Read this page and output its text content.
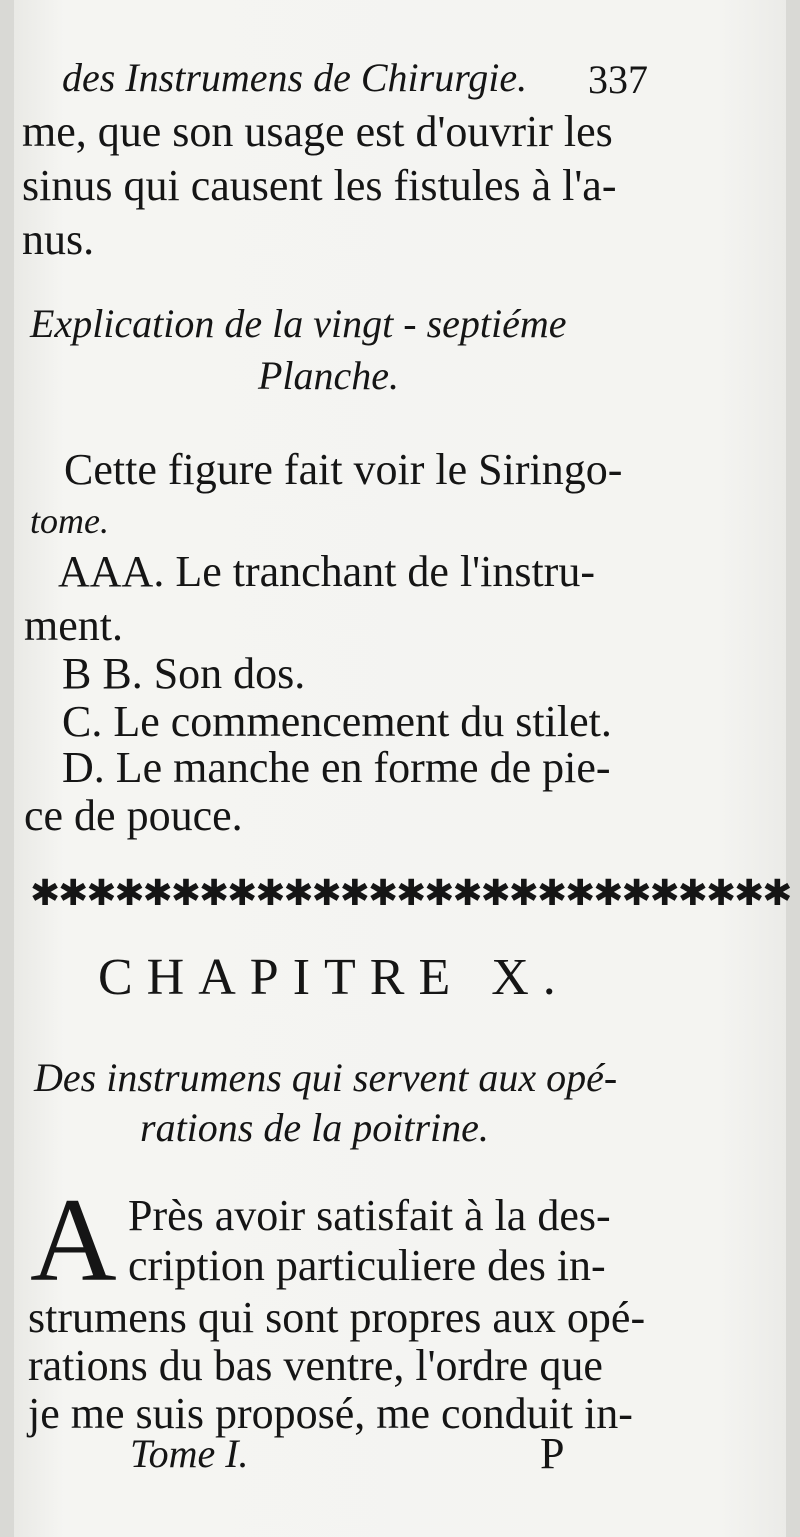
des Instrumens de Chirurgie. 337
me, que son usage est d'ouvrir les
sinus qui causent les fistules à l'a-
nus.
Explication de la vingt - septiéme
Planche.
Cette figure fait voir le Siringo-
tome.
AAA. Le tranchant de l'instru-
ment.
B B. Son dos.
C. Le commencement du stilet.
D. Le manche en forme de pie-
ce de pouce.
✱✱✱✱✱✱✱✱✱✱✱✱✱✱✱✱✱✱✱✱✱✱✱✱✱✱✱
CHAPITRE X.
Des instrumens qui servent aux opé-
rations de la poitrine.
A Près avoir satisfait à la des-
cription particuliere des in-
strumens qui sont propres aux opé-
rations du bas ventre, l'ordre que
je me suis proposé, me conduit in-
Tome I.	P
